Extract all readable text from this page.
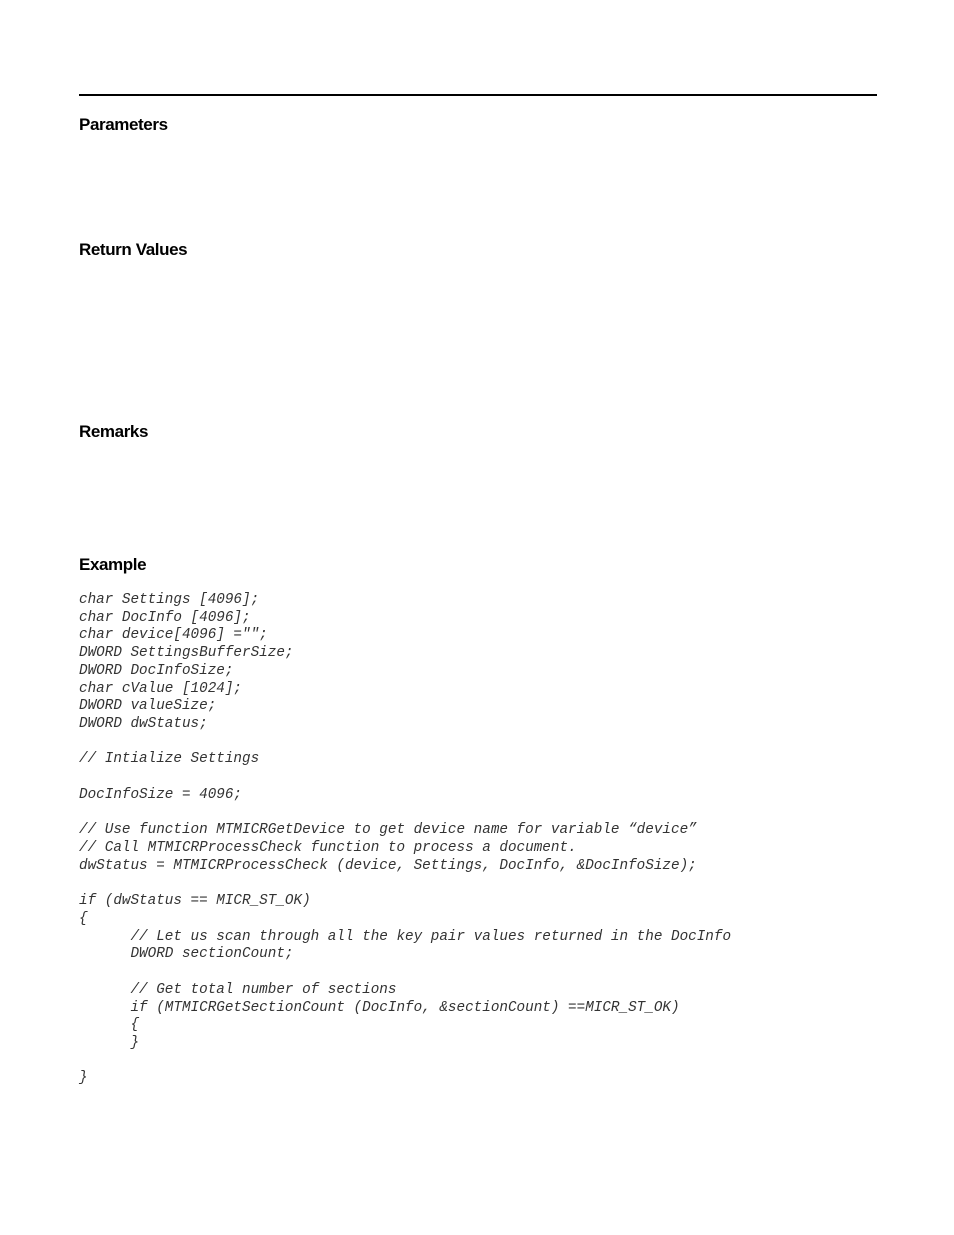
Parameters
Return Values
Remarks
Example
char Settings [4096];
char DocInfo [4096];
char device[4096] ="";
DWORD SettingsBufferSize;
DWORD DocInfoSize;
char cValue [1024];
DWORD valueSize;
DWORD dwStatus;
// Intialize Settings
DocInfoSize = 4096;
// Use function MTMICRGetDevice to get device name for variable “device”
// Call MTMICRProcessCheck function to process a document.
dwStatus = MTMICRProcessCheck (device, Settings, DocInfo, &DocInfoSize);
if (dwStatus == MICR_ST_OK)
{
// Let us scan through all the key pair values returned in the DocInfo
DWORD sectionCount;
// Get total number of sections
if (MTMICRGetSectionCount (DocInfo, &sectionCount) ==MICR_ST_OK)
{
}
}
